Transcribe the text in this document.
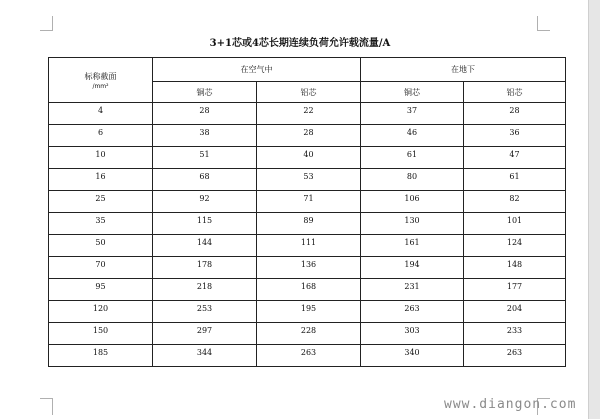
3+1芯或4芯长期连续负荷允许载流量/A
标称截面
/mm²	在空气中		在地下	
	铜芯	铝芯	铜芯	铝芯
4	28	22	37	28
6	38	28	46	36
10	51	40	61	47
16	68	53	80	61
25	92	71	106	82
35	115	89	130	101
50	144	111	161	124
70	178	136	194	148
95	218	168	231	177
120	253	195	263	204
150	297	228	303	233
185	344	263	340	263
www.diangon.com
